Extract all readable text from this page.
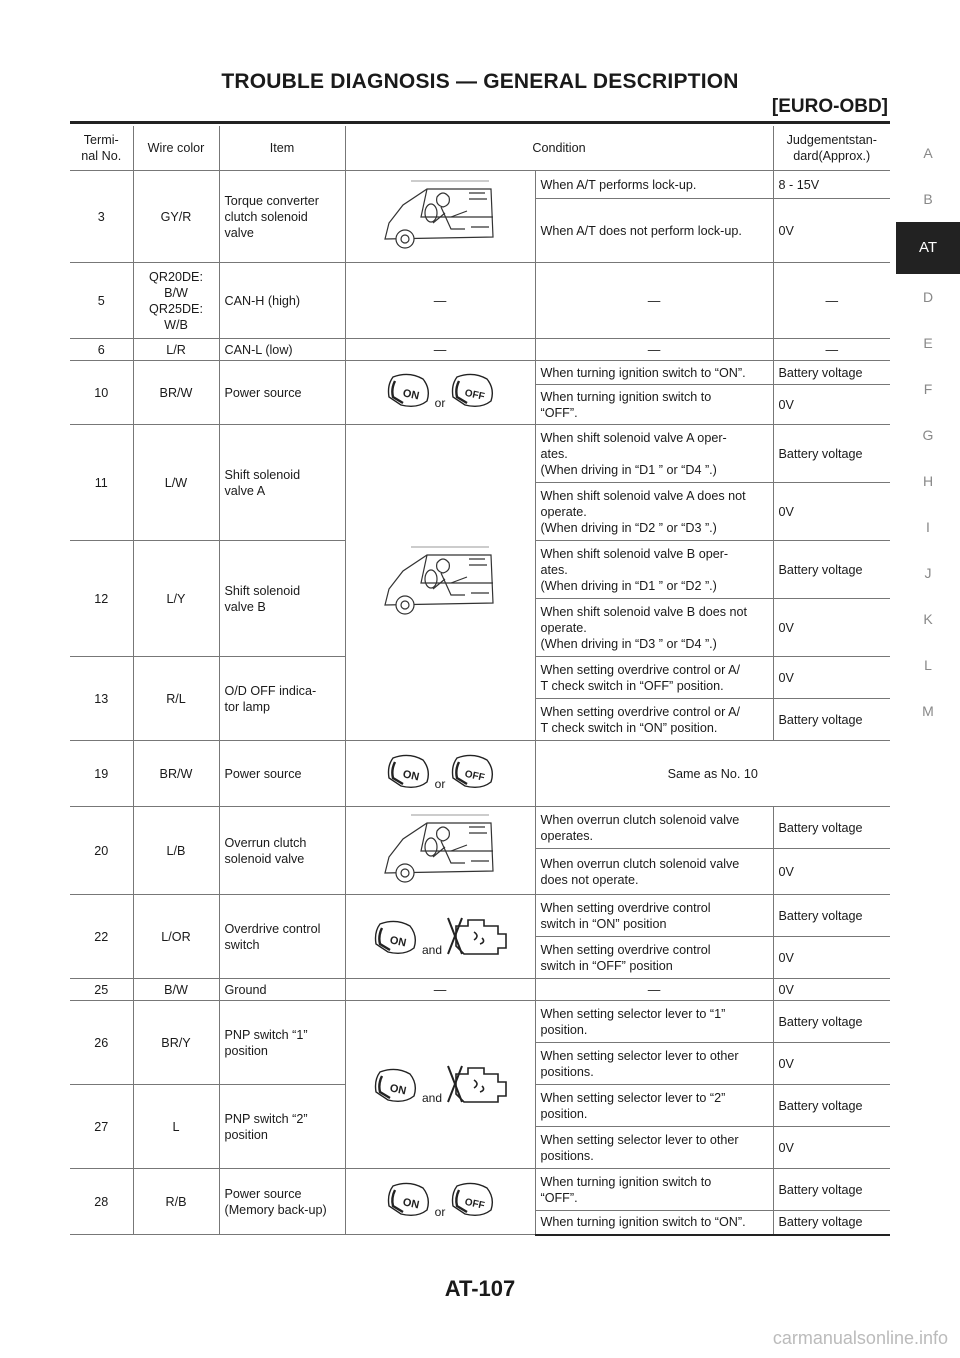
TROUBLE DIAGNOSIS — GENERAL DESCRIPTION
[EURO-OBD]
A
B
AT
D
E
F
G
H
I
J
K
L
M
Termi-
nal No.	Wire color	Item	Condition		Judgementstan-
dard(Approx.)
3	GY/R	Torque converter
clutch solenoid
valve		When A/T performs lock-up.	8 - 15V
				When A/T does not perform lock-up.	0V
5	QR20DE:
B/W
QR25DE:
W/B	CAN-H (high)	—	—	—
6	L/R	CAN-L (low)	—	—	—
10	BR/W	Power source	ON
or
OFF	When turning ignition switch to “ON”.	Battery voltage
				When turning ignition switch to
“OFF”.	0V
11	L/W	Shift solenoid
valve A		When shift solenoid valve A oper-
ates.
(When driving in “D1 ” or “D4 ”.)	Battery voltage
				When shift solenoid valve A does not
operate.
(When driving in “D2 ” or “D3 ”.)	0V
12	L/Y	Shift solenoid
valve B		When shift solenoid valve B oper-
ates.
(When driving in “D1 ” or “D2 ”.)	Battery voltage
				When shift solenoid valve B does not
operate.
(When driving in “D3 ” or “D4 ”.)	0V
13	R/L	O/D OFF indica-
tor lamp		When setting overdrive control or A/
T check switch in “OFF” position.	0V
				When setting overdrive control or A/
T check switch in “ON” position.	Battery voltage
19	BR/W	Power source	ON
or
OFF	Same as No. 10	
20	L/B	Overrun clutch
solenoid valve		When overrun clutch solenoid valve
operates.	Battery voltage
				When overrun clutch solenoid valve
does not operate.	0V
22	L/OR	Overdrive control
switch	ON
and	When setting overdrive control
switch in “ON” position	Battery voltage
				When setting overdrive control
switch in “OFF” position	0V
25	B/W	Ground	—	—	0V
26	BR/Y	PNP switch “1”
position	ON
and	When setting selector lever to “1”
position.	Battery voltage
				When setting selector lever to other
positions.	0V
27	L	PNP switch “2”
position		When setting selector lever to “2”
position.	Battery voltage
				When setting selector lever to other
positions.	0V
28	R/B	Power source
(Memory back-up)	ON
or
OFF	When turning ignition switch to
“OFF”.	Battery voltage
				When turning ignition switch to “ON”.	Battery voltage
AT-107
carmanualsonline.info
